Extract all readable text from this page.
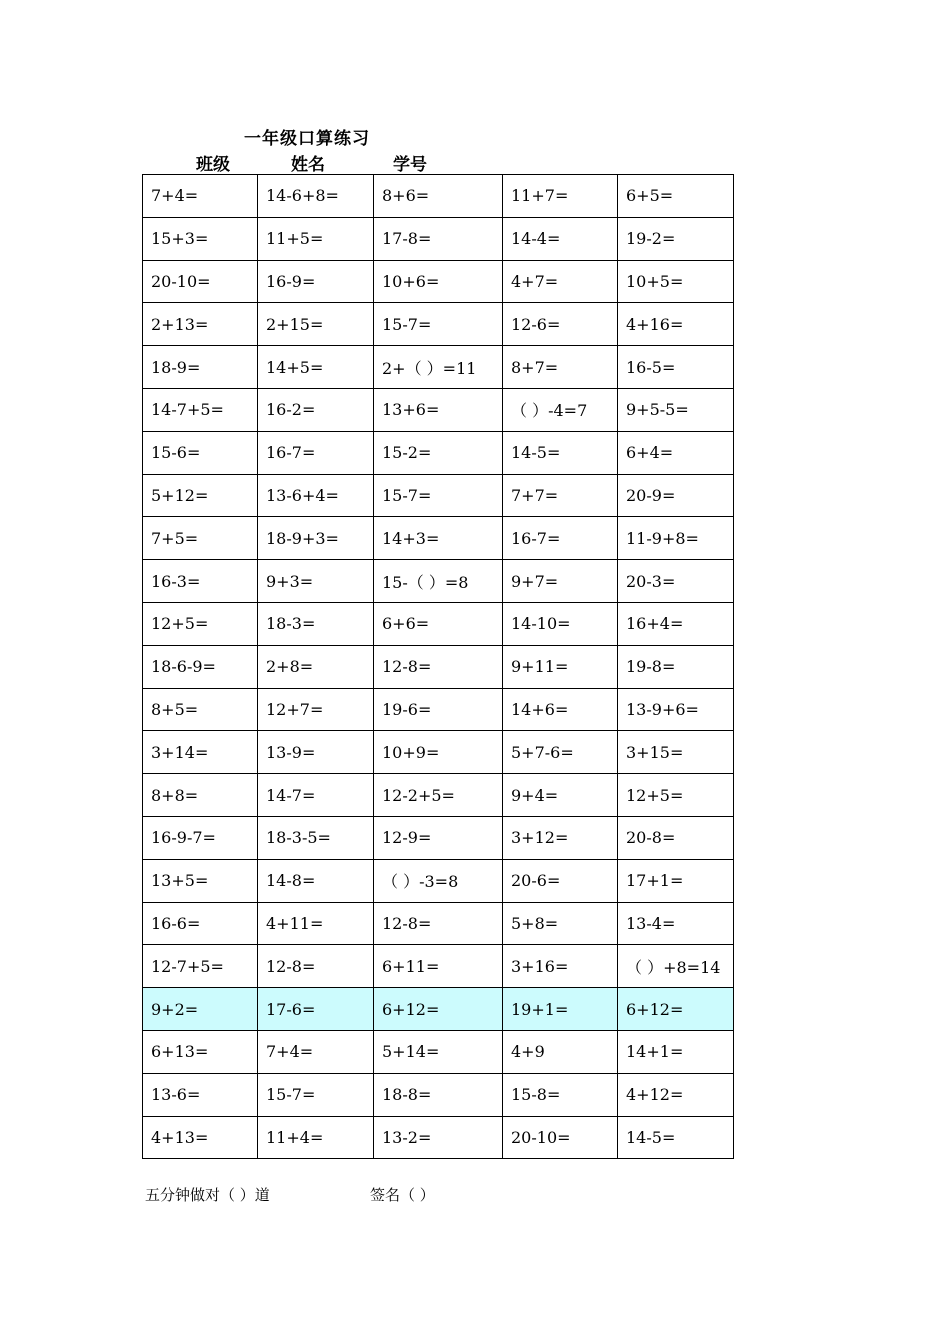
一年级口算练习
班级	姓名	学号
7+4=	14-6+8=	8+6=	11+7=	6+5=
15+3=	11+5=	17-8=	14-4=	19-2=
20-10=	16-9=	10+6=	4+7=	10+5=
2+13=	2+15=	15-7=	12-6=	4+16=
18-9=	14+5=	2+（ ）=11	8+7=	16-5=
14-7+5=	16-2=	13+6=	（ ）-4=7	9+5-5=
15-6=	16-7=	15-2=	14-5=	6+4=
5+12=	13-6+4=	15-7=	7+7=	20-9=
7+5=	18-9+3=	14+3=	16-7=	11-9+8=
16-3=	9+3=	15-（ ）=8	9+7=	20-3=
12+5=	18-3=	6+6=	14-10=	16+4=
18-6-9=	2+8=	12-8=	9+11=	19-8=
8+5=	12+7=	19-6=	14+6=	13-9+6=
3+14=	13-9=	10+9=	5+7-6=	3+15=
8+8=	14-7=	12-2+5=	9+4=	12+5=
16-9-7=	18-3-5=	12-9=	3+12=	20-8=
13+5=	14-8=	（ ）-3=8	20-6=	17+1=
16-6=	4+11=	12-8=	5+8=	13-4=
12-7+5=	12-8=	6+11=	3+16=	（ ）+8=14
9+2=	17-6=	6+12=	19+1=	6+12=
6+13=	7+4=	5+14=	4+9	14+1=
13-6=	15-7=	18-8=	15-8=	4+12=
4+13=	11+4=	13-2=	20-10=	14-5=
五分钟做对（ ）道	签名（ ）
